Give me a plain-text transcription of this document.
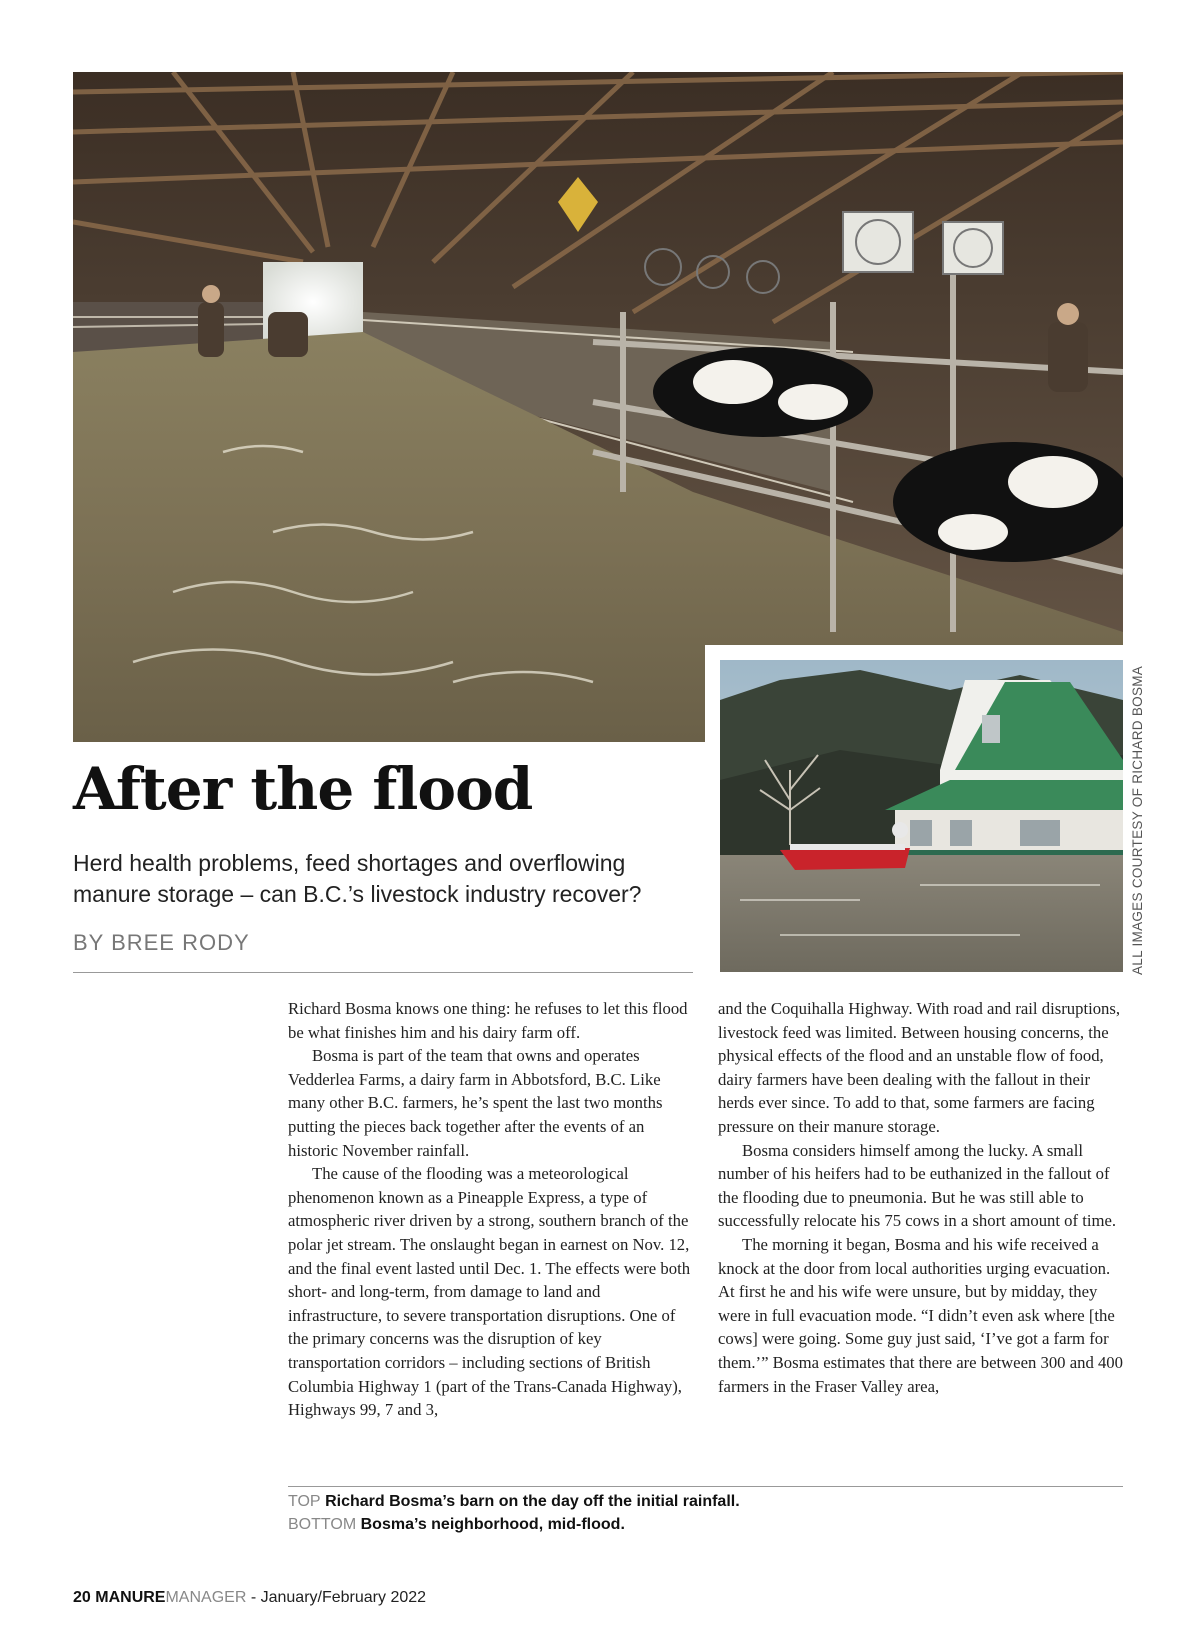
ALL IMAGES COURTESY OF RICHARD BOSMA
After the flood

Herd health problems, feed shortages and overflowing manure storage – can B.C.’s livestock industry recover?

BY BREE RODY

Richard Bosma knows one thing: he refuses to let this flood be what finishes him and his dairy farm off.

Bosma is part of the team that owns and operates Vedderlea Farms, a dairy farm in Abbotsford, B.C. Like many other B.C. farmers, he’s spent the last two months putting the pieces back together after the events of an historic November rainfall.

The cause of the flooding was a meteorological phenomenon known as a Pineapple Express, a type of atmospheric river driven by a strong, southern branch of the polar jet stream. The onslaught began in earnest on Nov. 12, and the final event lasted until Dec. 1. The effects were both short- and long-term, from damage to land and infrastructure, to severe transportation disruptions. One of the primary concerns was the disruption of key transportation corridors – including sections of British Columbia Highway 1 (part of the Trans-Canada Highway), Highways 99, 7 and 3,

and the Coquihalla Highway. With road and rail disruptions, livestock feed was limited. Between housing concerns, the physical effects of the flood and an unstable flow of food, dairy farmers have been dealing with the fallout in their herds ever since. To add to that, some farmers are facing pressure on their manure storage.

Bosma considers himself among the lucky. A small number of his heifers had to be euthanized in the fallout of the flooding due to pneumonia. But he was still able to successfully relocate his 75 cows in a short amount of time.

The morning it began, Bosma and his wife received a knock at the door from local authorities urging evacuation. At first he and his wife were unsure, but by midday, they were in full evacuation mode. “I didn’t even ask where [the cows] were going. Some guy just said, ‘I’ve got a farm for them.’” Bosma estimates that there are between 300 and 400 farmers in the Fraser Valley area,

TOP Richard Bosma’s barn on the day off the initial rainfall.
BOTTOM Bosma’s neighborhood, mid-flood.
20 MANUREMANAGER - January/February 2022
